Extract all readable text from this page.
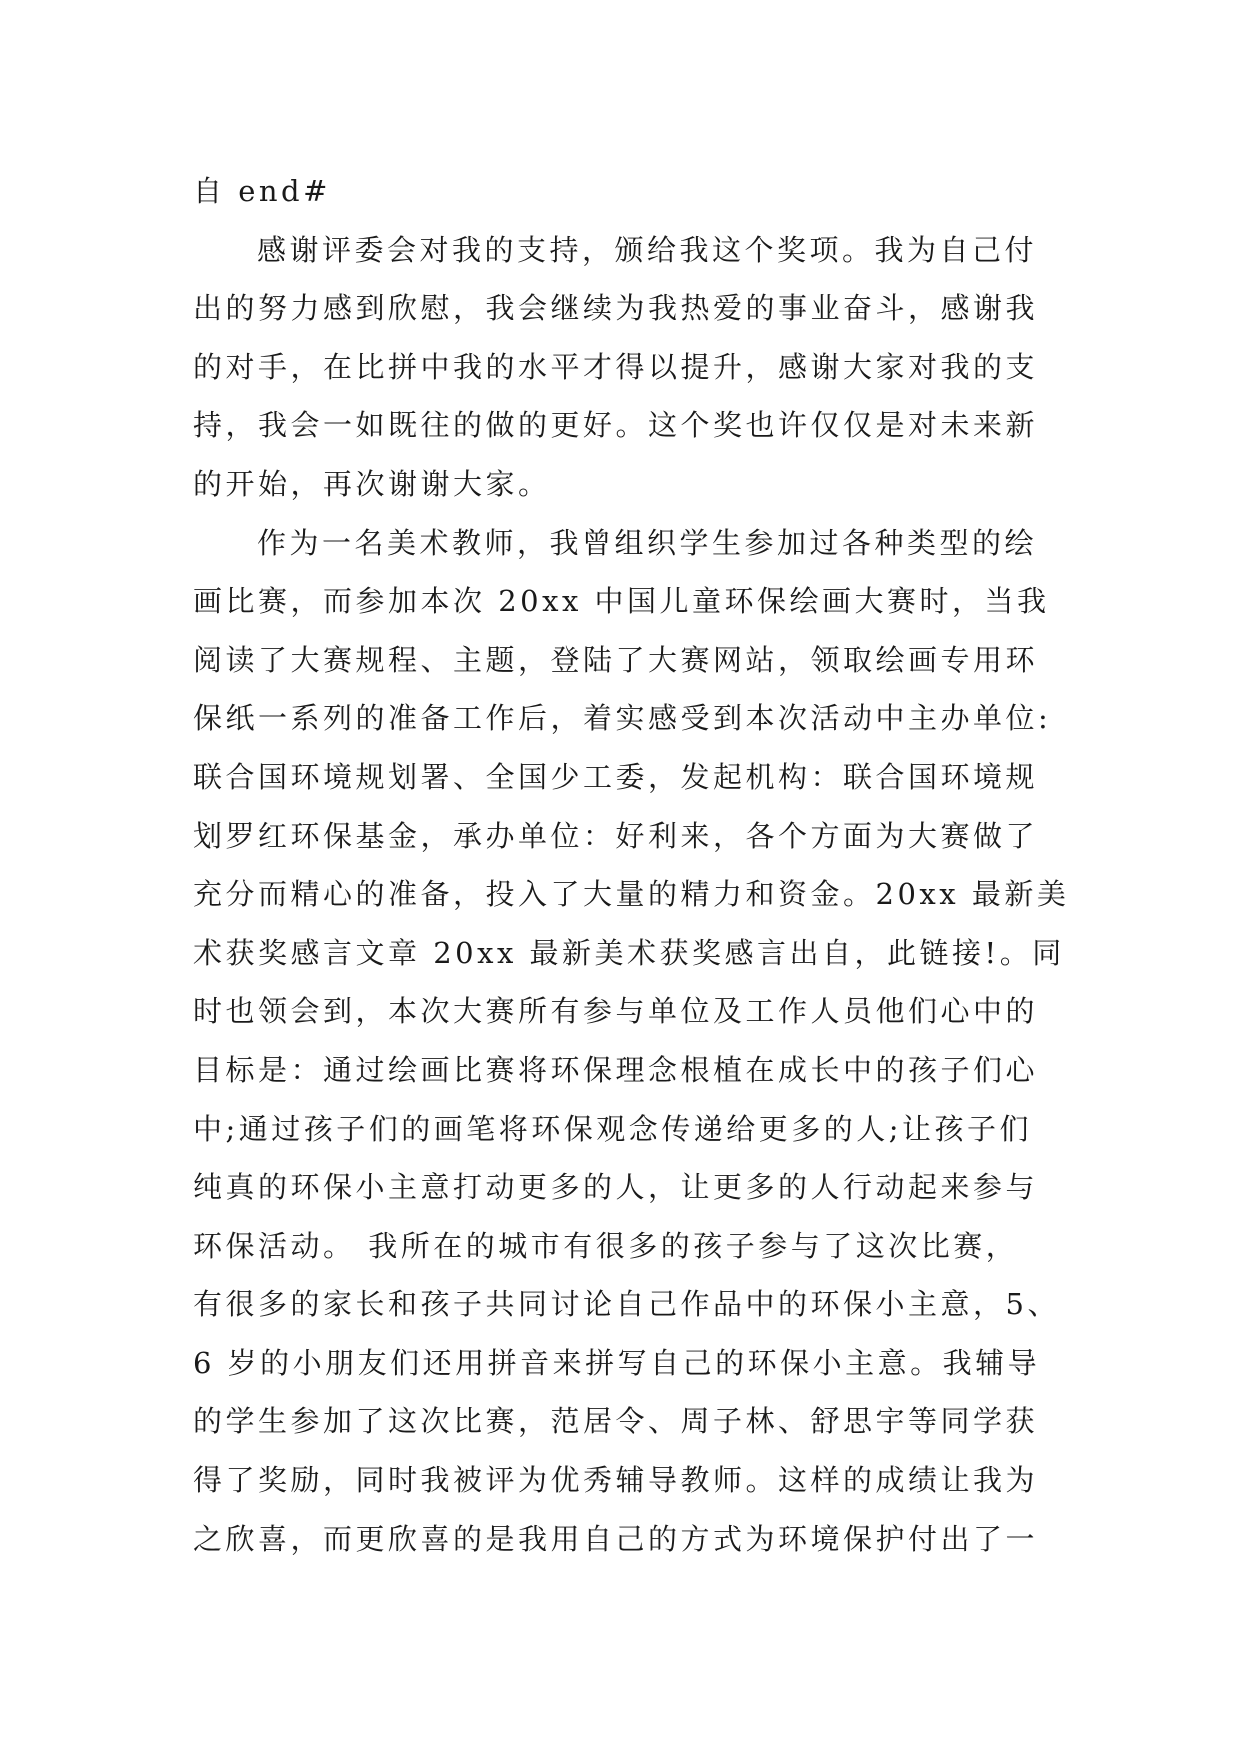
自 end#
感谢评委会对我的支持，颁给我这个奖项。我为自己付
出的努力感到欣慰，我会继续为我热爱的事业奋斗，感谢我
的对手，在比拼中我的水平才得以提升，感谢大家对我的支
持，我会一如既往的做的更好。这个奖也许仅仅是对未来新
的开始，再次谢谢大家。
作为一名美术教师，我曾组织学生参加过各种类型的绘
画比赛，而参加本次 20xx 中国儿童环保绘画大赛时，当我
阅读了大赛规程、主题，登陆了大赛网站，领取绘画专用环
保纸一系列的准备工作后，着实感受到本次活动中主办单位:
联合国环境规划署、全国少工委，发起机构：联合国环境规
划罗红环保基金，承办单位：好利来，各个方面为大赛做了
充分而精心的准备，投入了大量的精力和资金。20xx 最新美
术获奖感言文章 20xx 最新美术获奖感言出自，此链接!。同
时也领会到，本次大赛所有参与单位及工作人员他们心中的
目标是：通过绘画比赛将环保理念根植在成长中的孩子们心
中;通过孩子们的画笔将环保观念传递给更多的人;让孩子们
纯真的环保小主意打动更多的人，让更多的人行动起来参与
环保活动。 我所在的城市有很多的孩子参与了这次比赛，
有很多的家长和孩子共同讨论自己作品中的环保小主意，5、
6 岁的小朋友们还用拼音来拼写自己的环保小主意。我辅导
的学生参加了这次比赛，范居令、周子林、舒思宇等同学获
得了奖励，同时我被评为优秀辅导教师。这样的成绩让我为
之欣喜，而更欣喜的是我用自己的方式为环境保护付出了一
